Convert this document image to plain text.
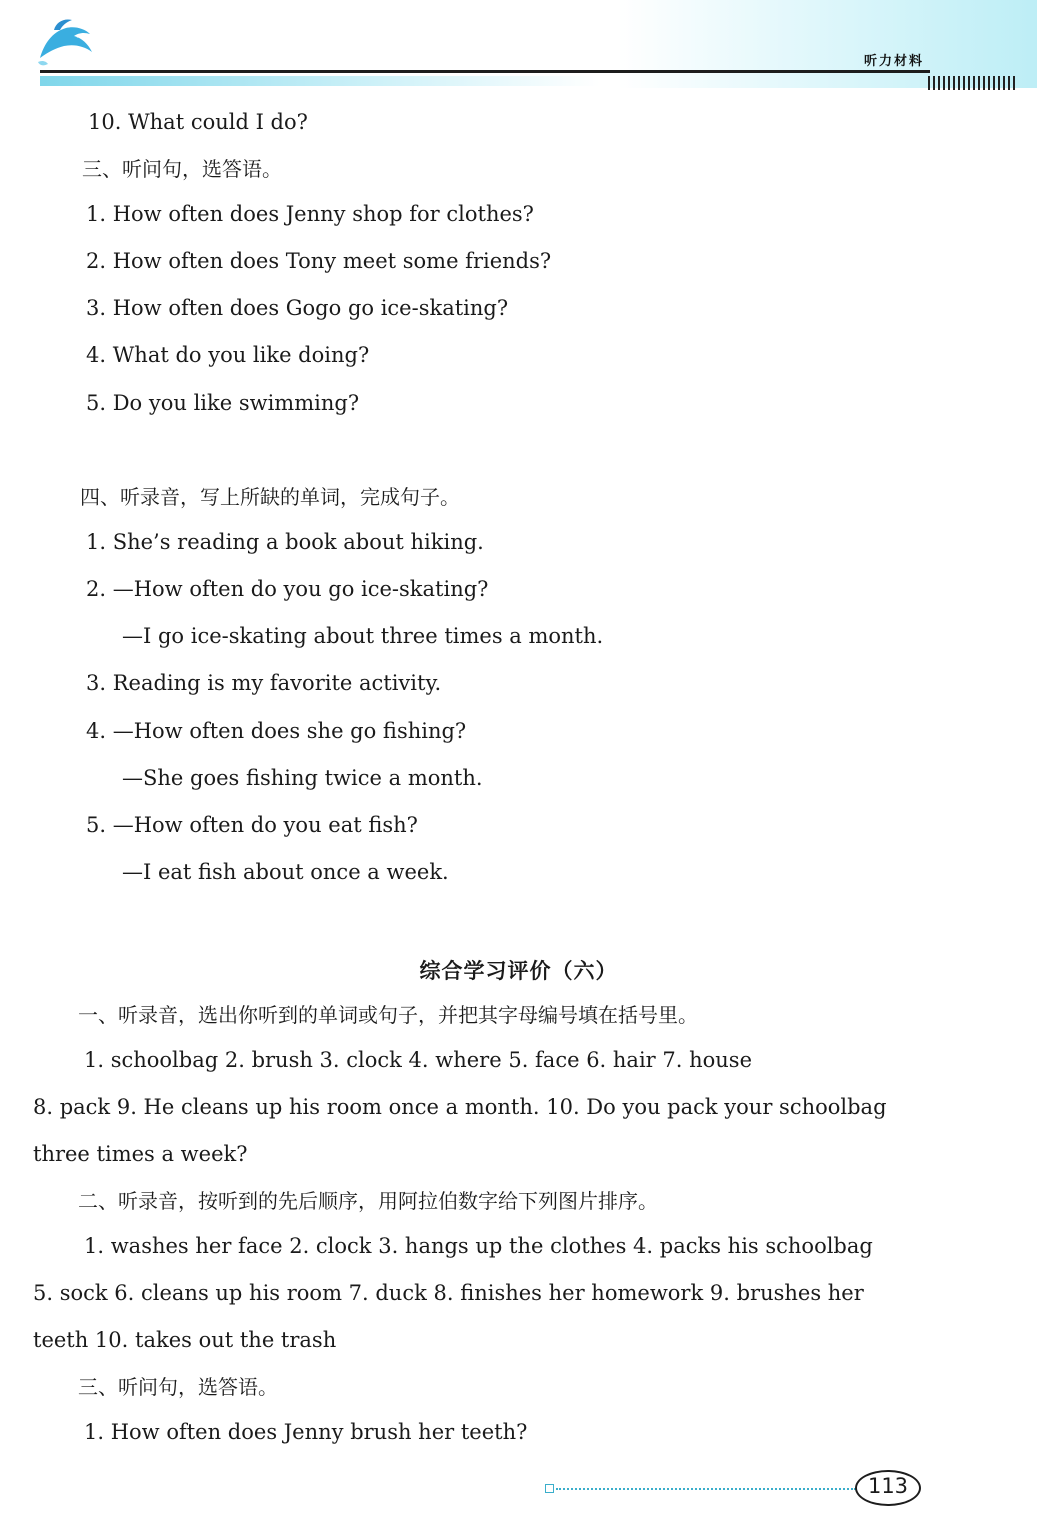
听力材料
10. What could I do?
三、听问句，选答语。
1. How often does Jenny shop for clothes?
2. How often does Tony meet some friends?
3. How often does Gogo go ice-skating?
4. What do you like doing?
5. Do you like swimming?
四、听录音，写上所缺的单词，完成句子。
1. She’s reading a book about hiking.
2. —How often do you go ice-skating?
—I go ice-skating about three times a month.
3. Reading is my favorite activity.
4. —How often does she go fishing?
—She goes fishing twice a month.
5. —How often do you eat fish?
—I eat fish about once a week.
综合学习评价（六）
一、听录音，选出你听到的单词或句子，并把其字母编号填在括号里。
1. schoolbag 2. brush 3. clock 4. where 5. face 6. hair 7. house
8. pack 9. He cleans up his room once a month. 10. Do you pack your schoolbag
three times a week?
二、听录音，按听到的先后顺序，用阿拉伯数字给下列图片排序。
1. washes her face 2. clock 3. hangs up the clothes 4. packs his schoolbag
5. sock 6. cleans up his room 7. duck 8. finishes her homework 9. brushes her
teeth 10. takes out the trash
三、听问句，选答语。
1. How often does Jenny brush her teeth?
113
